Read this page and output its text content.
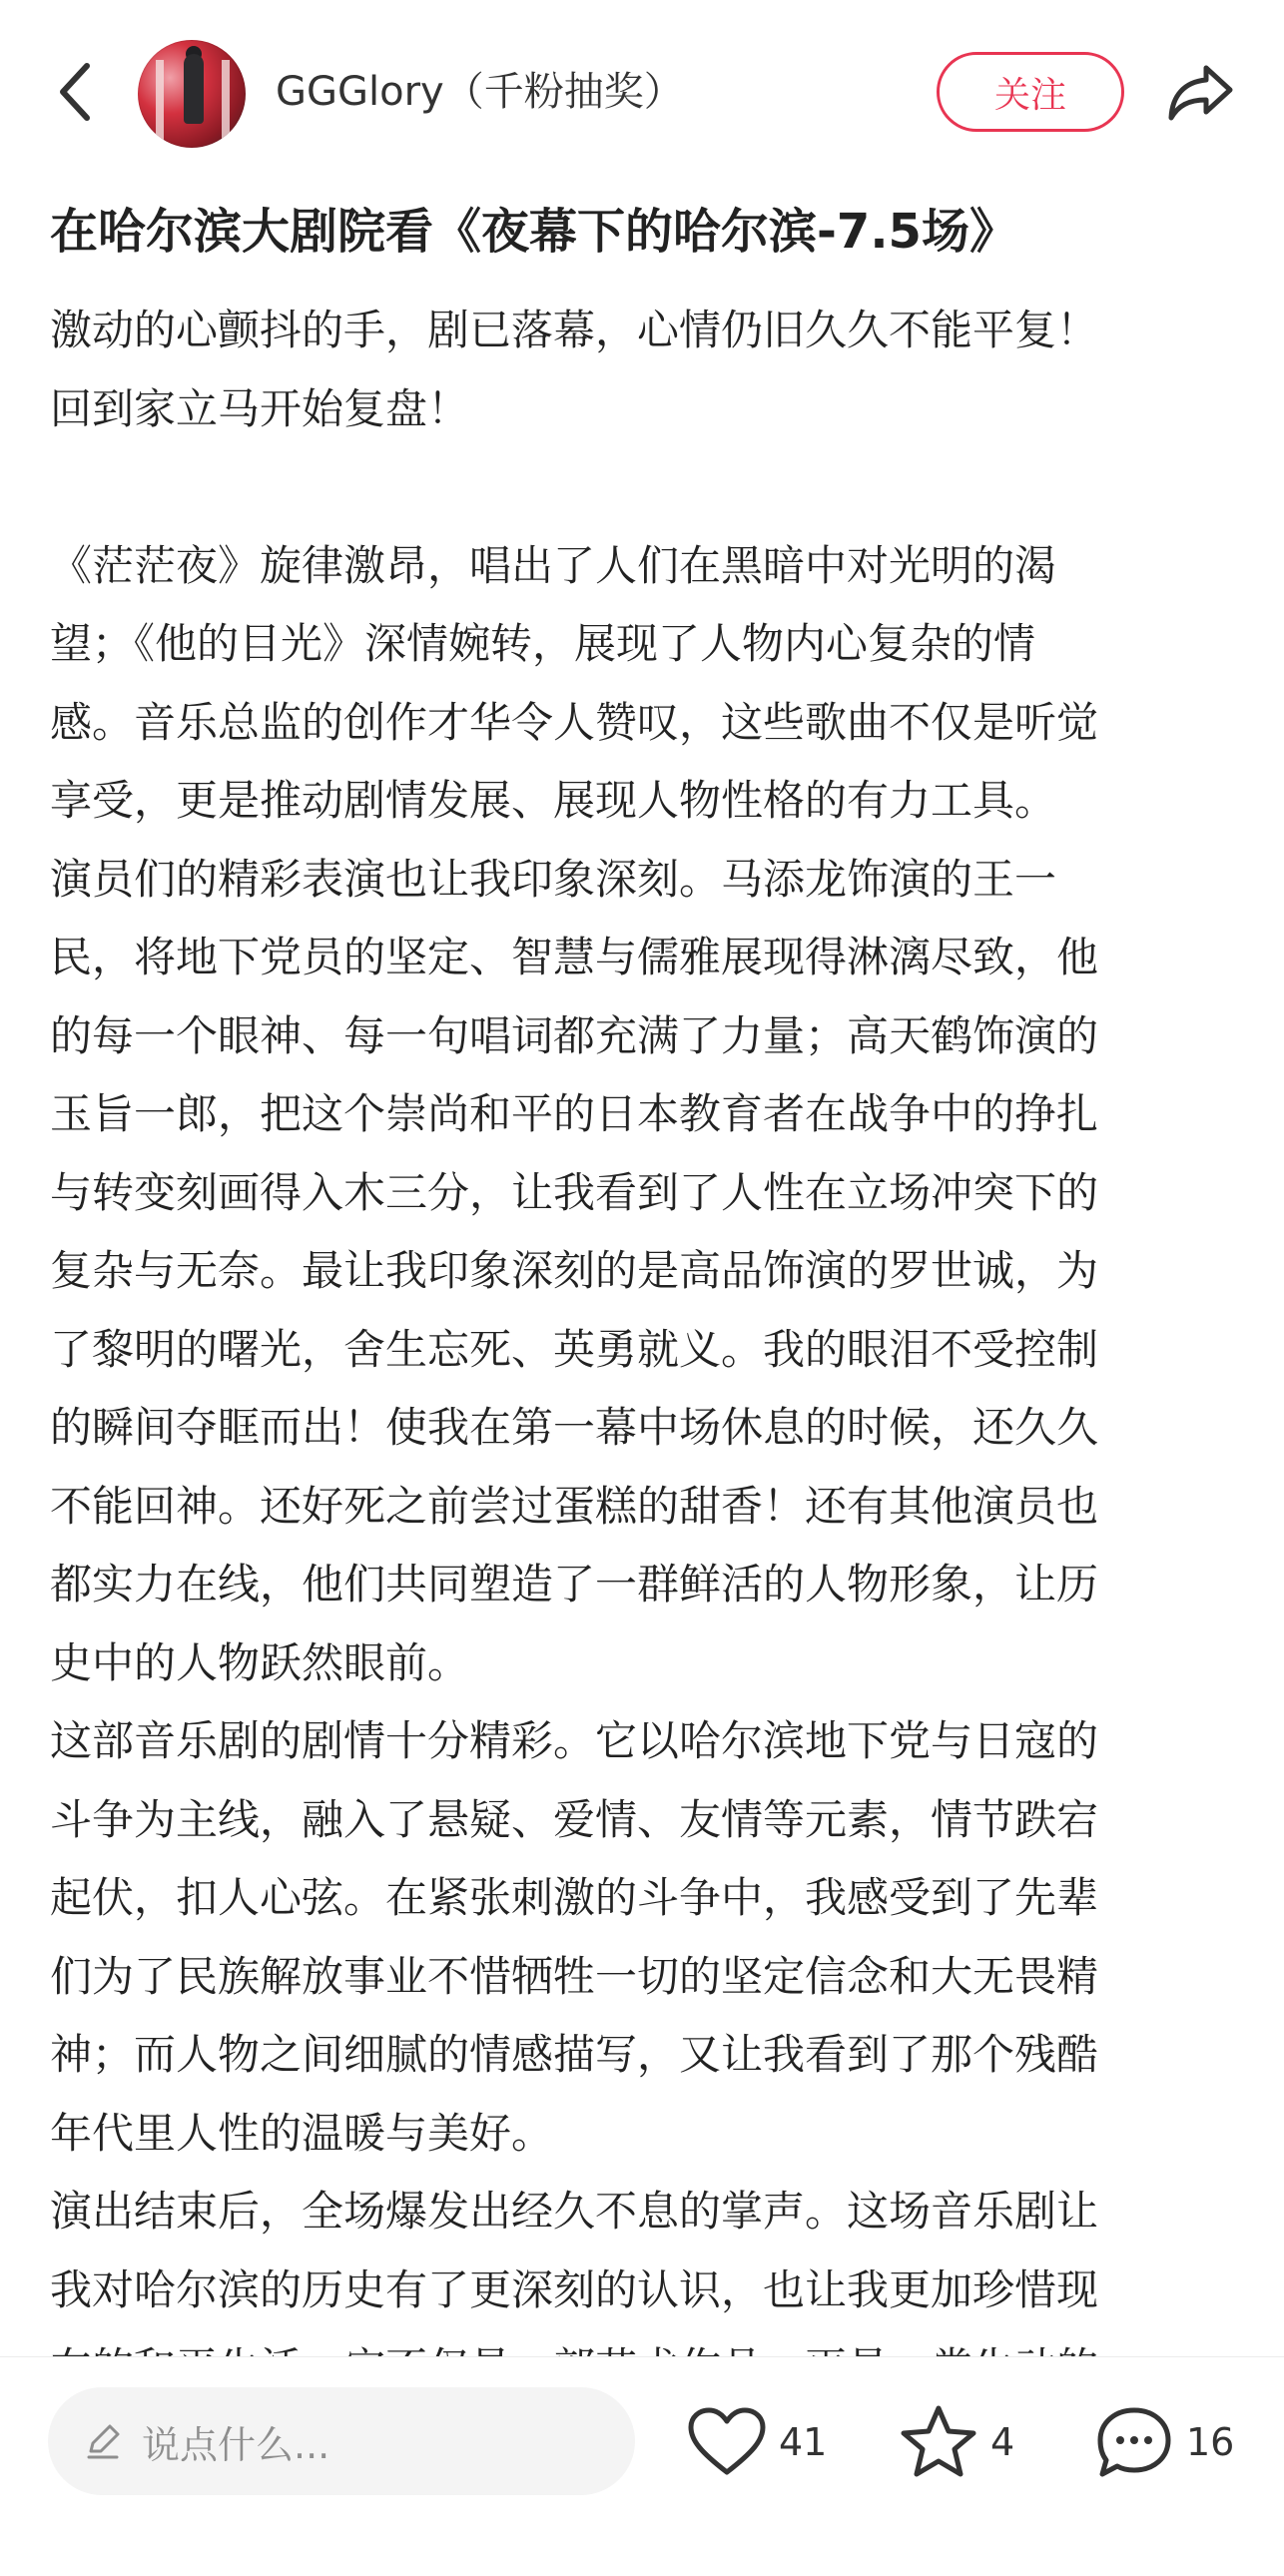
GGGlory（千粉抽奖）	关注
在哈尔滨大剧院看《夜幕下的哈尔滨-7.5场》

激动的心颤抖的手，剧已落幕，心情仍旧久久不能平复！

回到家立马开始复盘！

《茫茫夜》旋律激昂，唱出了人们在黑暗中对光明的渴

望；《他的目光》深情婉转，展现了人物内心复杂的情

感。音乐总监的创作才华令人赞叹，这些歌曲不仅是听觉

享受，更是推动剧情发展、展现人物性格的有力工具。

演员们的精彩表演也让我印象深刻。马添龙饰演的王一

民，将地下党员的坚定、智慧与儒雅展现得淋漓尽致，他

的每一个眼神、每一句唱词都充满了力量；高天鹤饰演的

玉旨一郎，把这个崇尚和平的日本教育者在战争中的挣扎

与转变刻画得入木三分，让我看到了人性在立场冲突下的

复杂与无奈。最让我印象深刻的是高品饰演的罗世诚，为

了黎明的曙光，舍生忘死、英勇就义。我的眼泪不受控制

的瞬间夺眶而出！使我在第一幕中场休息的时候，还久久

不能回神。还好死之前尝过蛋糕的甜香！还有其他演员也

都实力在线，他们共同塑造了一群鲜活的人物形象，让历

史中的人物跃然眼前。

这部音乐剧的剧情十分精彩。它以哈尔滨地下党与日寇的

斗争为主线，融入了悬疑、爱情、友情等元素，情节跌宕

起伏，扣人心弦。在紧张刺激的斗争中，我感受到了先辈

们为了民族解放事业不惜牺牲一切的坚定信念和大无畏精

神；而人物之间细腻的情感描写，又让我看到了那个残酷

年代里人性的温暖与美好。

演出结束后，全场爆发出经久不息的掌声。这场音乐剧让

我对哈尔滨的历史有了更深刻的认识，也让我更加珍惜现

说点什么...	41	4	16
